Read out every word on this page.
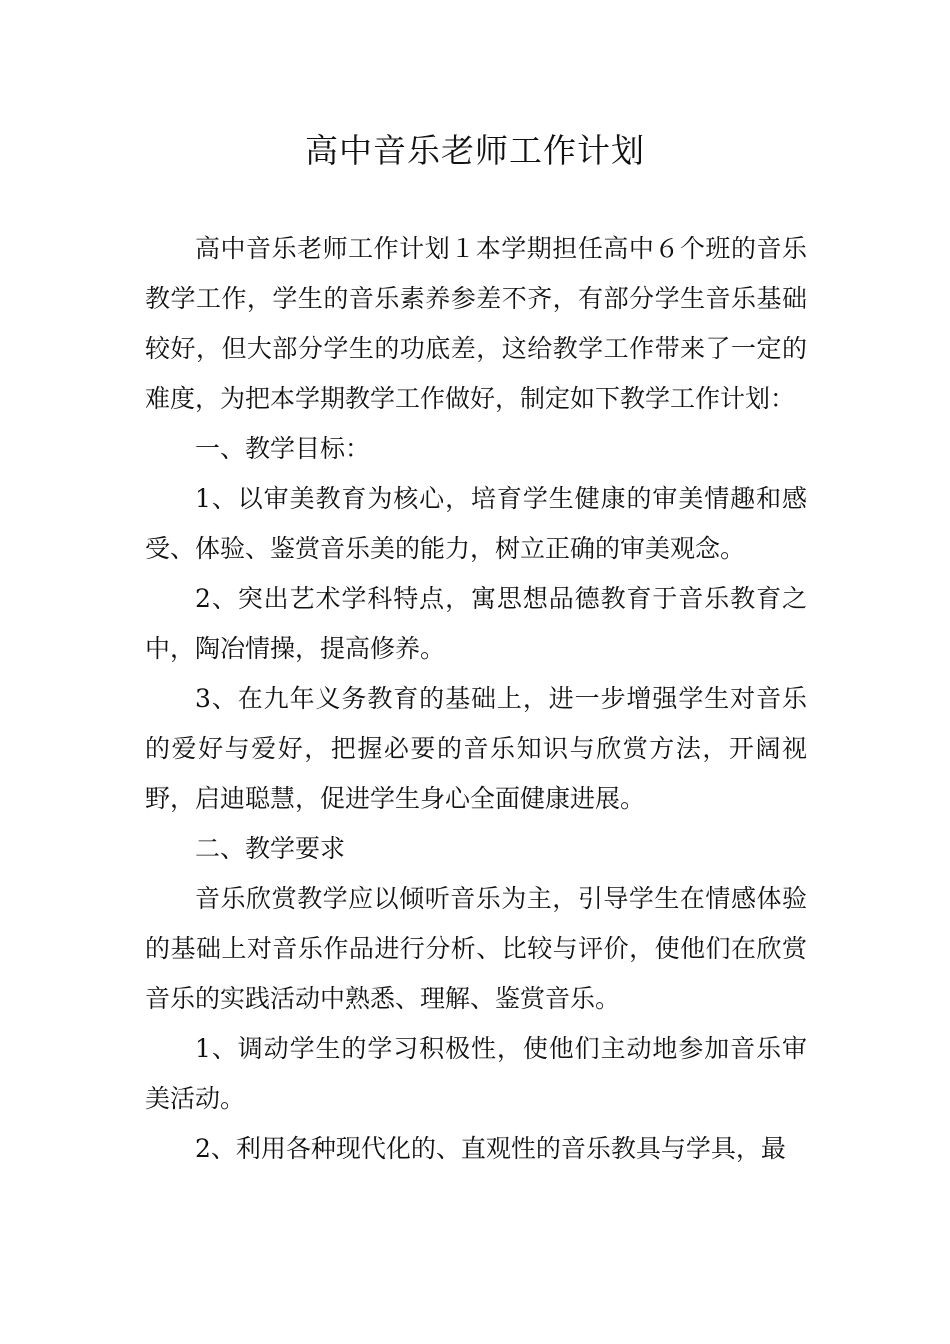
高中音乐老师工作计划

高中音乐老师工作计划１本学期担任高中６个班的音乐教学工作，学生的音乐素养参差不齐，有部分学生音乐基础较好，但大部分学生的功底差，这给教学工作带来了一定的难度，为把本学期教学工作做好，制定如下教学工作计划：

一、教学目标：

1、以审美教育为核心，培育学生健康的审美情趣和感受、体验、鉴赏音乐美的能力，树立正确的审美观念。

2、突出艺术学科特点，寓思想品德教育于音乐教育之中，陶冶情操，提高修养。

3、在九年义务教育的基础上，进一步增强学生对音乐的爱好与爱好，把握必要的音乐知识与欣赏方法，开阔视野，启迪聪慧，促进学生身心全面健康进展。

二、教学要求

音乐欣赏教学应以倾听音乐为主，引导学生在情感体验的基础上对音乐作品进行分析、比较与评价，使他们在欣赏音乐的实践活动中熟悉、理解、鉴赏音乐。

1、调动学生的学习积极性，使他们主动地参加音乐审美活动。

2、利用各种现代化的、直观性的音乐教具与学具，最
